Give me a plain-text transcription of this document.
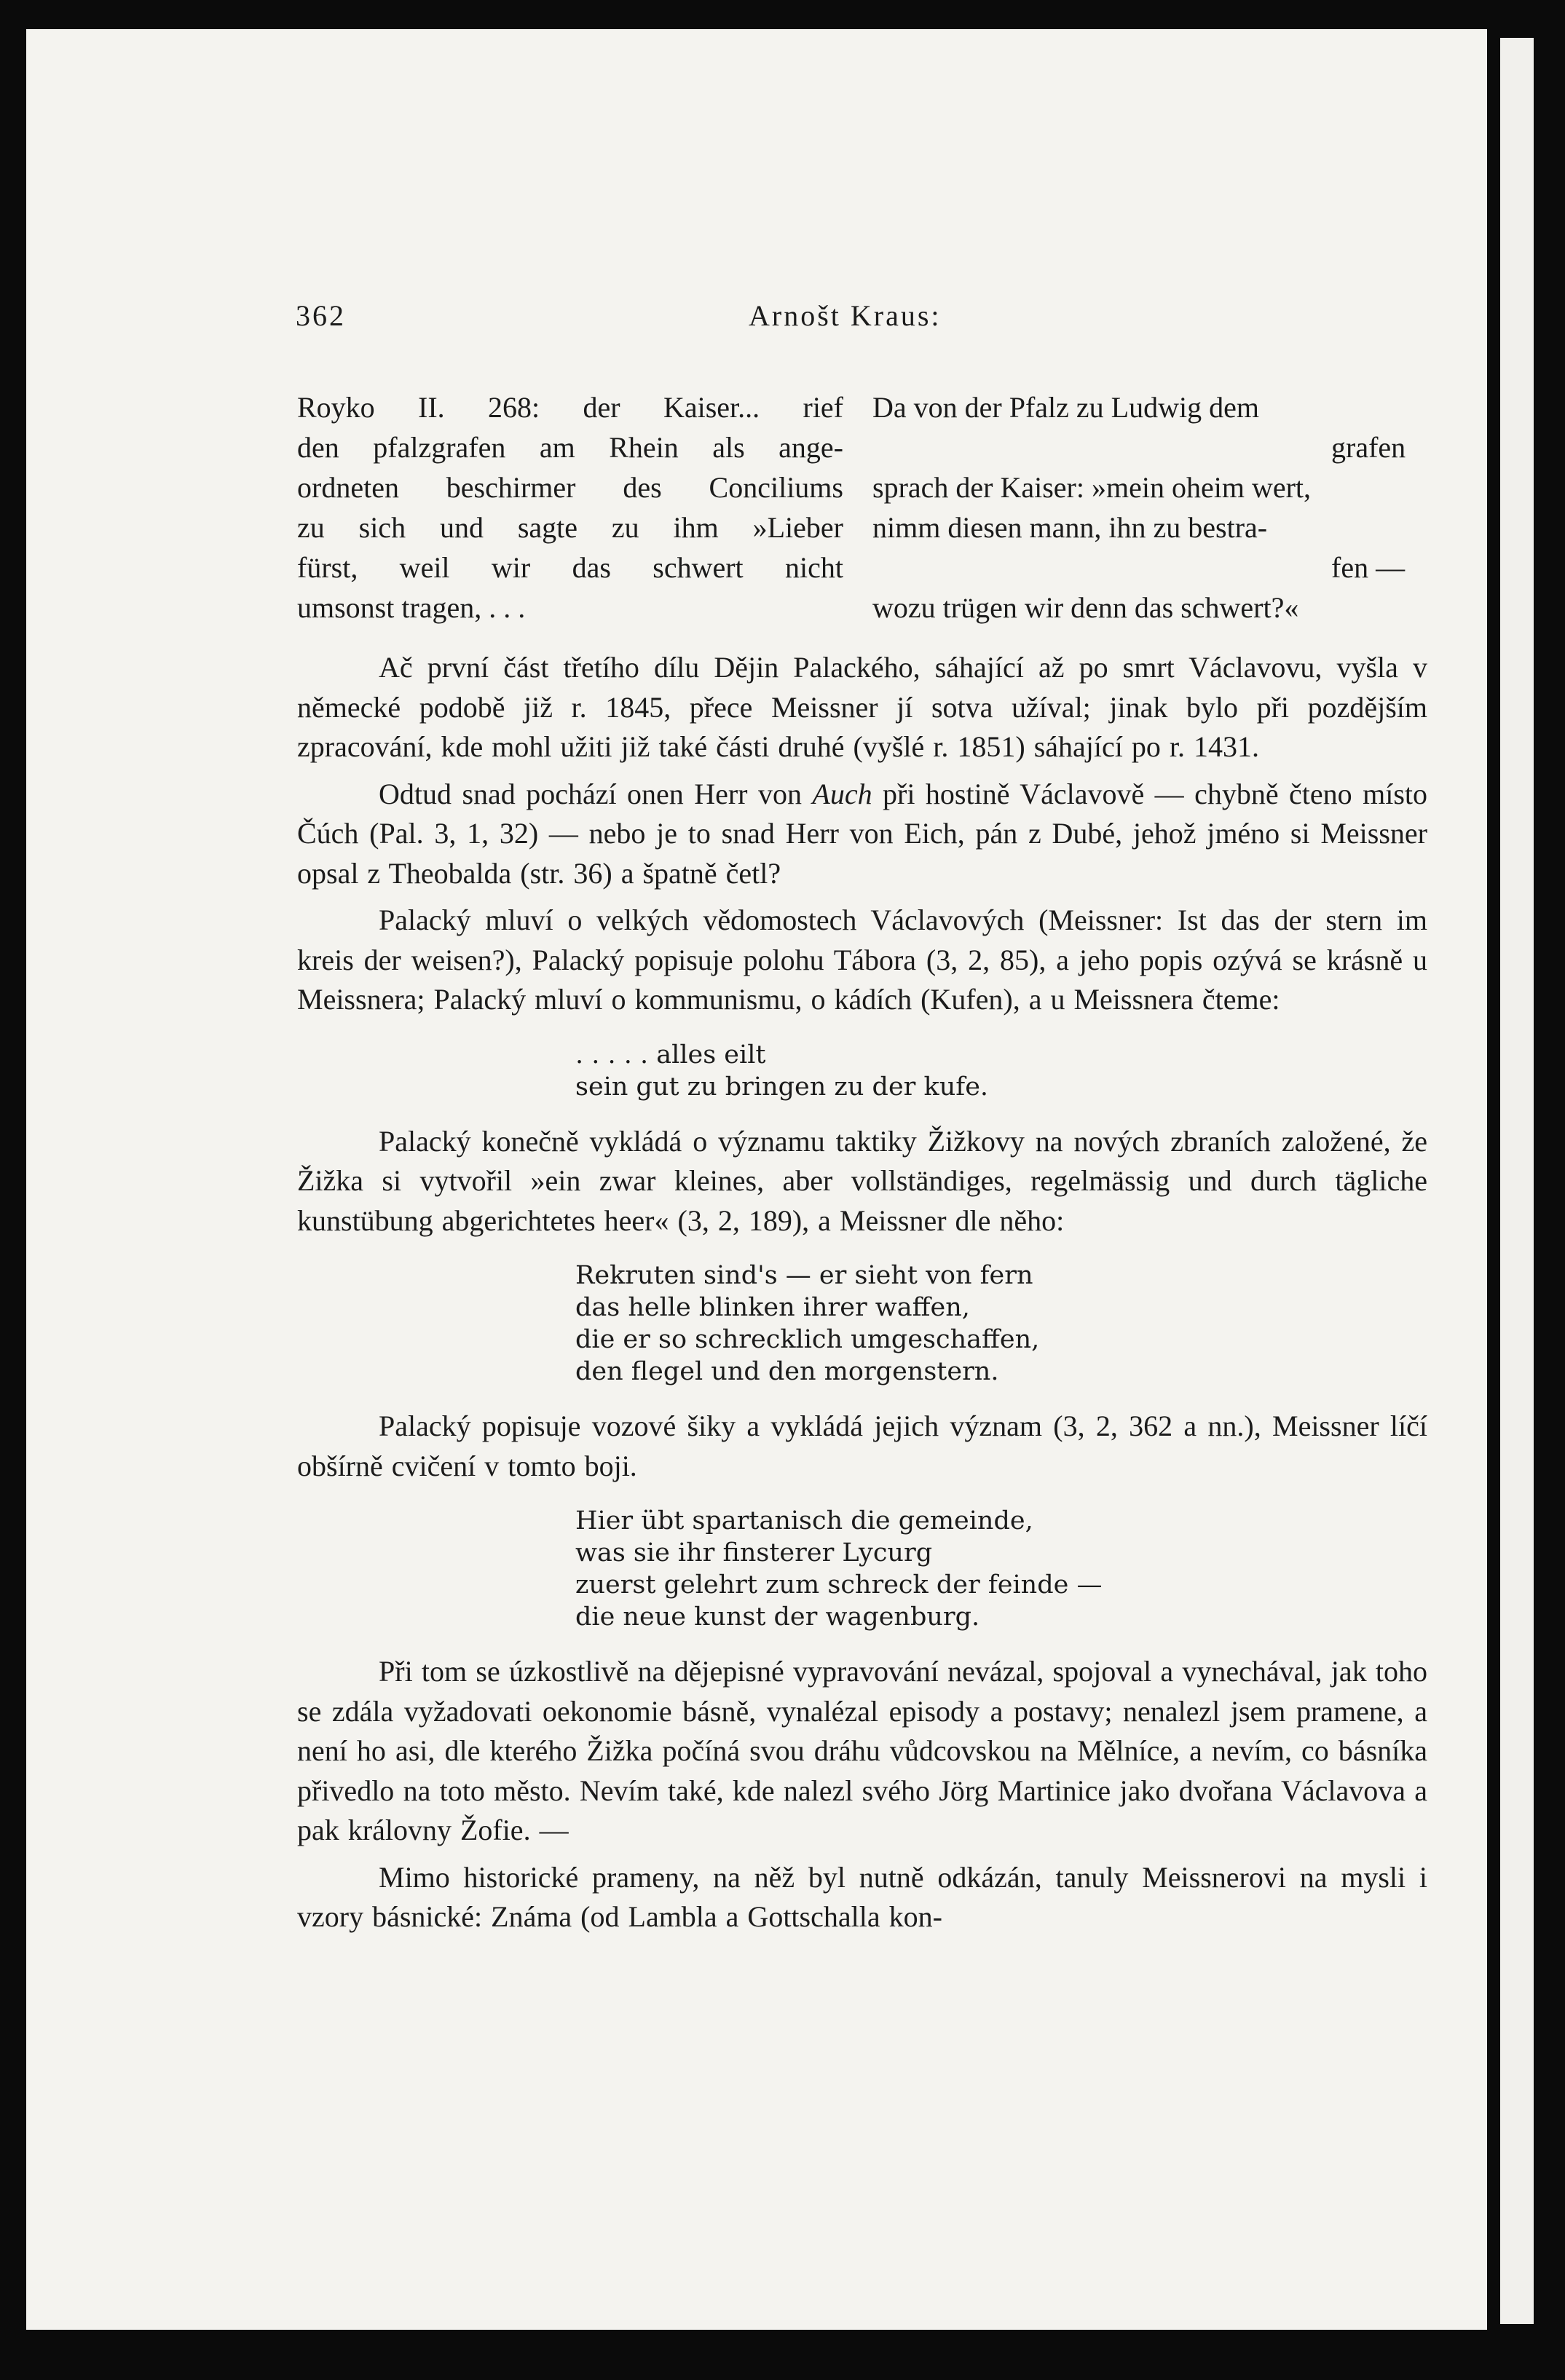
362	Arnošt Kraus:
Royko II. 268: der Kaiser... rief
den pfalzgrafen am Rhein als ange-
ordneten beschirmer des Conciliums
zu sich und sagte zu ihm »Lieber
fürst, weil wir das schwert nicht
umsonst tragen, . . .
Da von der Pfalz zu Ludwig dem
grafen
sprach der Kaiser: »mein oheim wert,
nimm diesen mann, ihn zu bestra-
fen —
wozu trügen wir denn das schwert?«

Ač první část třetího dílu Dějin Palackého, sáhající až po smrt Václavovu, vyšla v německé podobě již r. 1845, přece Meissner jí sotva užíval; jinak bylo při pozdějším zpracování, kde mohl užiti již také části druhé (vyšlé r. 1851) sáhající po r. 1431.

Odtud snad pochází onen Herr von Auch při hostině Václavově — chybně čteno místo Čúch (Pal. 3, 1, 32) — nebo je to snad Herr von Eich, pán z Dubé, jehož jméno si Meissner opsal z Theobalda (str. 36) a špatně četl?

Palacký mluví o velkých vědomostech Václavových (Meissner: Ist das der stern im kreis der weisen?), Palacký popisuje polohu Tábora (3, 2, 85), a jeho popis ozývá se krásně u Meissnera; Palacký mluví o kommunismu, o kádích (Kufen), a u Meissnera čteme:

. . . . . alles eilt
sein gut zu bringen zu der kufe.

Palacký konečně vykládá o významu taktiky Žižkovy na nových zbraních založené, že Žižka si vytvořil »ein zwar kleines, aber vollständiges, regelmässig und durch tägliche kunstübung abgerichtetes heer« (3, 2, 189), a Meissner dle něho:

Rekruten sind's — er sieht von fern
das helle blinken ihrer waffen,
die er so schrecklich umgeschaffen,
den flegel und den morgenstern.

Palacký popisuje vozové šiky a vykládá jejich význam (3, 2, 362 a nn.), Meissner líčí obšírně cvičení v tomto boji.

Hier übt spartanisch die gemeinde,
was sie ihr finsterer Lycurg
zuerst gelehrt zum schreck der feinde —
die neue kunst der wagenburg.

Při tom se úzkostlivě na dějepisné vypravování nevázal, spojoval a vynechával, jak toho se zdála vyžadovati oekonomie básně, vynalézal episody a postavy; nenalezl jsem pramene, a není ho asi, dle kterého Žižka počíná svou dráhu vůdcovskou na Mělníce, a nevím, co básníka přivedlo na toto město. Nevím také, kde nalezl svého Jörg Martinice jako dvořana Václavova a pak královny Žofie. —

Mimo historické prameny, na něž byl nutně odkázán, tanuly Meissnerovi na mysli i vzory básnické: Známa (od Lambla a Gottschalla kon-
